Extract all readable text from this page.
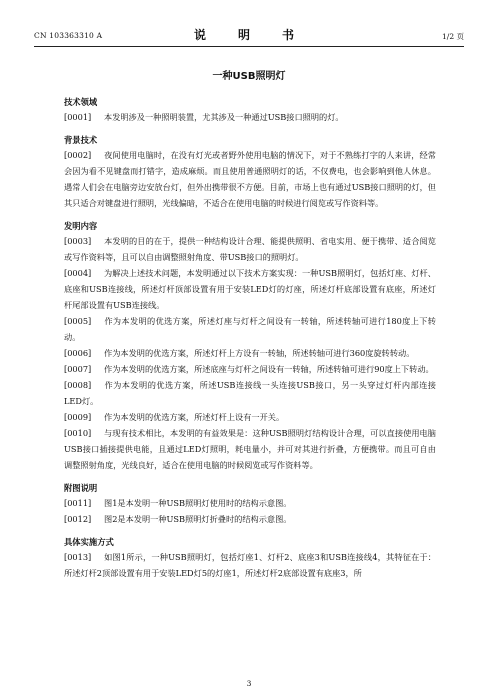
CN 103363310 A	说　明　书	1/2 页
一种USB照明灯
技术领域

[0001] 本发明涉及一种照明装置，尤其涉及一种通过USB接口照明的灯。

背景技术

[0002] 夜间使用电脑时，在没有灯光或者野外使用电脑的情况下，对于不熟练打字的人来讲，经常会因为看不见键盘而打错字，造成麻烦。而且使用普通照明灯的话，不仅费电，也会影响到他人休息。遇常人们会在电脑旁边安放台灯，但外出携带很不方便。目前，市场上也有通过USB接口照明的灯，但其只适合对键盘进行照明，光线偏暗，不适合在使用电脑的时候进行阅览或写作资料等。

发明内容

[0003] 本发明的目的在于，提供一种结构设计合理、能提供照明、省电实用、便于携带、适合阅览或写作资料等，且可以自由调整照射角度、带USB接口的照明灯。

[0004] 为解决上述技术问题，本发明通过以下技术方案实现：一种USB照明灯，包括灯座、灯杆、底座和USB连接线，所述灯杆顶部设置有用于安装LED灯的灯座，所述灯杆底部设置有底座，所述灯杆尾部设置有USB连接线。

[0005] 作为本发明的优选方案，所述灯座与灯杆之间设有一转轴，所述转轴可进行180度上下转动。

[0006] 作为本发明的优选方案，所述灯杆上方设有一转轴，所述转轴可进行360度旋转转动。

[0007] 作为本发明的优选方案，所述底座与灯杆之间设有一转轴，所述转轴可进行90度上下转动。

[0008] 作为本发明的优选方案，所述USB连接线一头连接USB接口，另一头穿过灯杆内部连接LED灯。

[0009] 作为本发明的优选方案，所述灯杆上设有一开关。

[0010] 与现有技术相比，本发明的有益效果是：这种USB照明灯结构设计合理，可以直接使用电脑USB接口插接提供电能，且通过LED灯照明，耗电量小，并可对其进行折叠，方便携带。而且可自由调整照射角度，光线良好，适合在使用电脑的时候阅览或写作资料等。

附图说明

[0011] 图1是本发明一种USB照明灯使用时的结构示意图。

[0012] 图2是本发明一种USB照明灯折叠时的结构示意图。

具体实施方式

[0013] 如图1所示，一种USB照明灯，包括灯座1、灯杆2、底座3和USB连接线4，其特征在于：所述灯杆2顶部设置有用于安装LED灯5的灯座1，所述灯杆2底部设置有底座3，所

3
